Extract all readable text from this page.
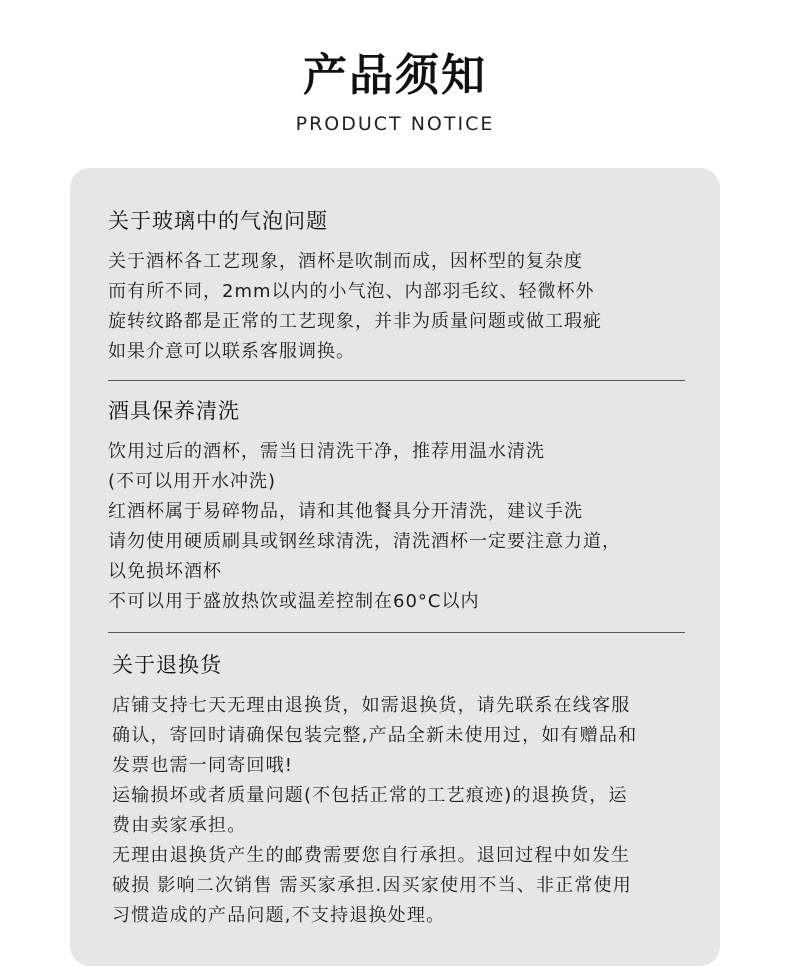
产品须知
PRODUCT NOTICE
关于玻璃中的气泡问题
关于酒杯各工艺现象，酒杯是吹制而成，因杯型的复杂度
而有所不同，2mm以内的小气泡、内部羽毛纹、轻微杯外
旋转纹路都是正常的工艺现象，并非为质量问题或做工瑕疵
如果介意可以联系客服调换。
酒具保养清洗
饮用过后的酒杯，需当日清洗干净，推荐用温水清洗
(不可以用开水冲洗)
红酒杯属于易碎物品，请和其他餐具分开清洗，建议手洗
请勿使用硬质刷具或钢丝球清洗，清洗酒杯一定要注意力道，
以免损坏酒杯
不可以用于盛放热饮或温差控制在60°C以内
关于退换货
店铺支持七天无理由退换货，如需退换货，请先联系在线客服
确认，寄回时请确保包装完整,产品全新未使用过，如有赠品和
发票也需一同寄回哦!
运输损坏或者质量问题(不包括正常的工艺痕迹)的退换货，运
费由卖家承担。
无理由退换货产生的邮费需要您自行承担。退回过程中如发生
破损 影响二次销售 需买家承担.因买家使用不当、非正常使用
习惯造成的产品问题,不支持退换处理。
